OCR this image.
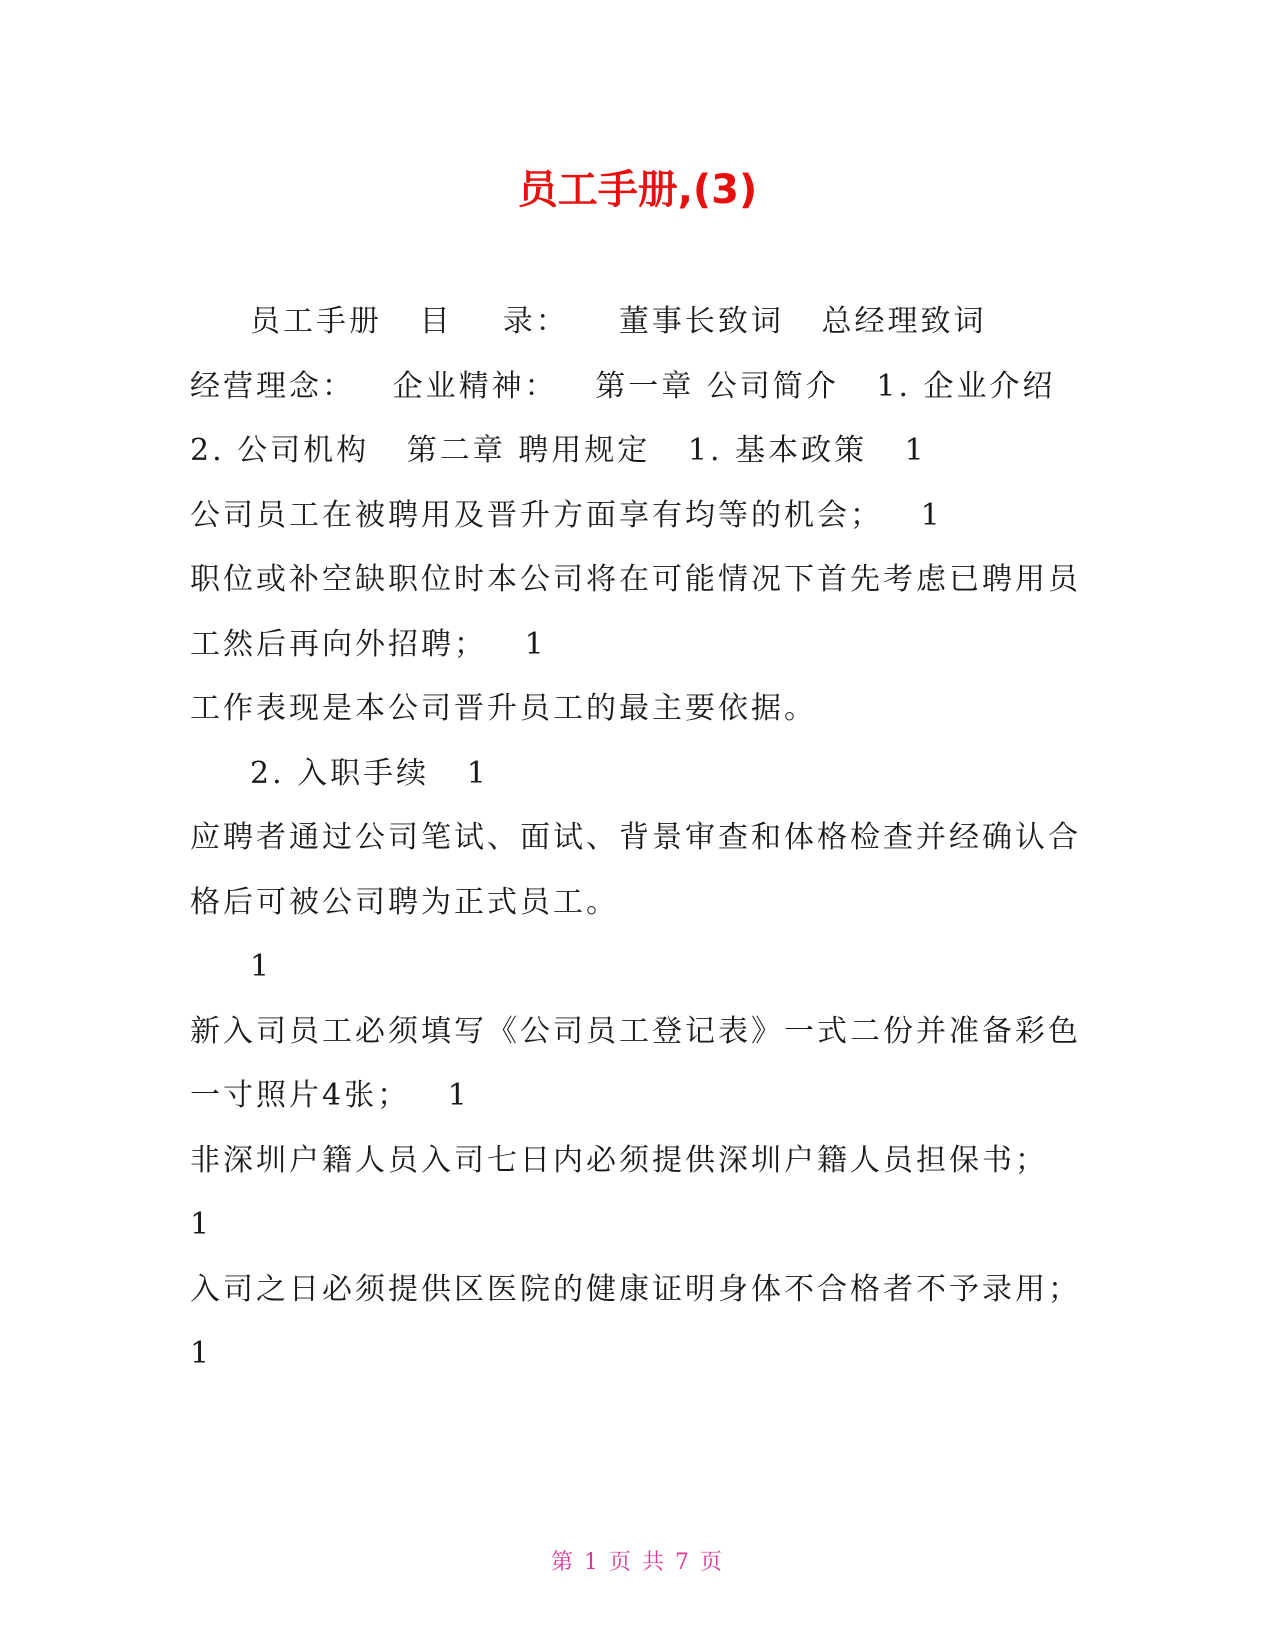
员工手册,(3)
员工手册   目    录：    董事长致词   总经理致词
经营理念：   企业精神：   第一章 公司简介   1. 企业介绍
2. 公司机构   第二章 聘用规定   1. 基本政策   1
公司员工在被聘用及晋升方面享有均等的机会；   1
职位或补空缺职位时本公司将在可能情况下首先考虑已聘用员
工然后再向外招聘；   1
工作表现是本公司晋升员工的最主要依据。
2. 入职手续   1
应聘者通过公司笔试、面试、背景审查和体格检查并经确认合
格后可被公司聘为正式员工。
1
新入司员工必须填写《公司员工登记表》一式二份并准备彩色
一寸照片4张；   1
非深圳户籍人员入司七日内必须提供深圳户籍人员担保书；
1
入司之日必须提供区医院的健康证明身体不合格者不予录用；
1
第 1 页 共 7 页
